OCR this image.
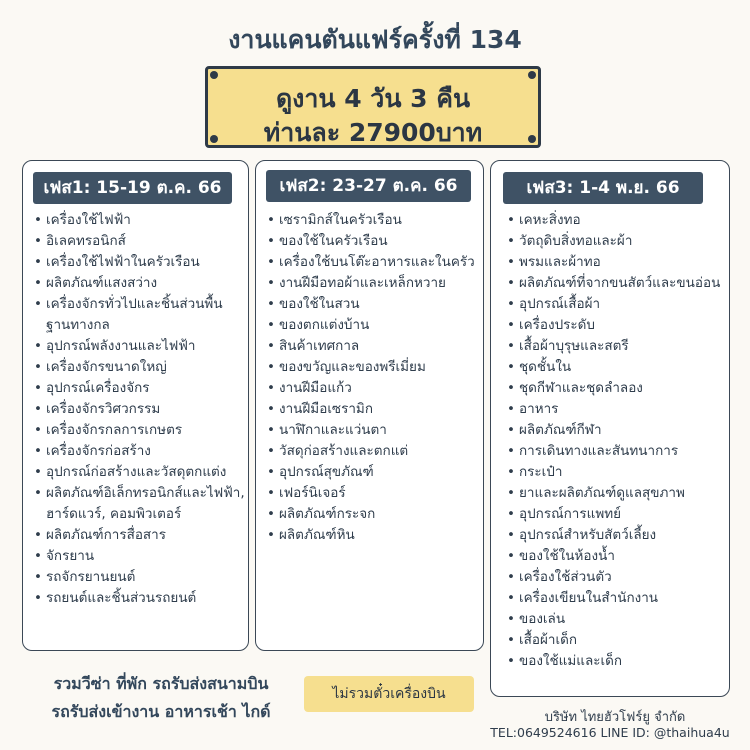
งานแคนตันแฟร์ครั้งที่ 134
ดูงาน 4 วัน 3 คืน
ท่านละ 27900บาท
เฟส1: 15-19 ต.ค. 66
• เครื่องใช้ไฟฟ้า
• อิเลคทรอนิกส์
• เครื่องใช้ไฟฟ้าในครัวเรือน
• ผลิตภัณฑ์แสงสว่าง
• เครื่องจักรทั่วไปและชิ้นส่วนพื้นฐานทางกล
• อุปกรณ์พลังงานและไฟฟ้า
• เครื่องจักรขนาดใหญ่
• อุปกรณ์เครื่องจักร
• เครื่องจักรวิศวกรรม
• เครื่องจักรกลการเกษตร
• เครื่องจักรก่อสร้าง
• อุปกรณ์ก่อสร้างและวัสดุตกแต่ง
• ผลิตภัณฑ์อิเล็กทรอนิกส์และไฟฟ้า, ฮาร์ดแวร์, คอมพิวเตอร์
• ผลิตภัณฑ์การสื่อสาร
• จักรยาน
• รถจักรยานยนต์
• รถยนต์และชิ้นส่วนรถยนต์
เฟส2: 23-27 ต.ค. 66
• เซรามิกส์ในครัวเรือน
• ของใช้ในครัวเรือน
• เครื่องใช้บนโต๊ะอาหารและในครัว
• งานฝีมือทอผ้าและเหล็กหวาย
• ของใช้ในสวน
• ของตกแต่งบ้าน
• สินค้าเทศกาล
• ของขวัญและของพรีเมี่ยม
• งานฝีมือแก้ว
• งานฝีมือเซรามิก
• นาฬิกาและแว่นตา
• วัสดุก่อสร้างและตกแต่
• อุปกรณ์สุขภัณฑ์
• เฟอร์นิเจอร์
• ผลิตภัณฑ์กระจก
• ผลิตภัณฑ์หิน
เฟส3: 1-4 พ.ย. 66
• เคหะสิ่งทอ
• วัตถุดิบสิ่งทอและผ้า
• พรมและผ้าทอ
• ผลิตภัณฑ์ที่จากขนสัตว์และขนอ่อน
• อุปกรณ์เสื้อผ้า
• เครื่องประดับ
• เสื้อผ้าบุรุษและสตรี
• ชุดชั้นใน
• ชุดกีฬาและชุดลำลอง
• อาหาร
• ผลิตภัณฑ์กีฬา
• การเดินทางและสันทนาการ
• กระเป๋า
• ยาและผลิตภัณฑ์ดูแลสุขภาพ
• อุปกรณ์การแพทย์
• อุปกรณ์สำหรับสัตว์เลี้ยง
• ของใช้ในห้องน้ำ
• เครื่องใช้ส่วนตัว
• เครื่องเขียนในสำนักงาน
• ของเล่น
• เสื้อผ้าเด็ก
• ของใช้แม่และเด็ก
รวมวีซ่า ที่พัก รถรับส่งสนามบิน
รถรับส่งเข้างาน อาหารเช้า ไกด์
ไม่รวมตั๋วเครื่องบิน
บริษัท ไทยฮัวโฟร์ยู จำกัด
TEL:0649524616 LINE ID: @thaihua4u
